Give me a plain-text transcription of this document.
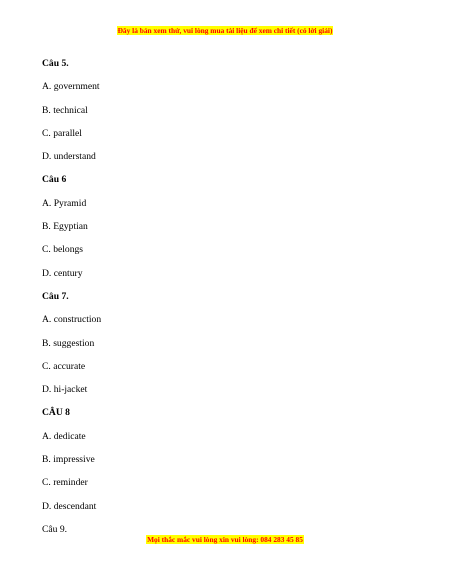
Đây là bản xem thử, vui lòng mua tài liệu để xem chi tiết (có lời giải)
Câu 5.
A. government
B. technical
C. parallel
D. understand
Câu 6
A. Pyramid
B. Egyptian
C. belongs
D. century
Câu 7.
A. construction
B. suggestion
C. accurate
D. hi-jacket
CÂU 8
A. dedicate
B. impressive
C. reminder
D. descendant
Câu 9.
Mọi thắc mắc vui lòng xin vui lòng: 084 283 45 85
